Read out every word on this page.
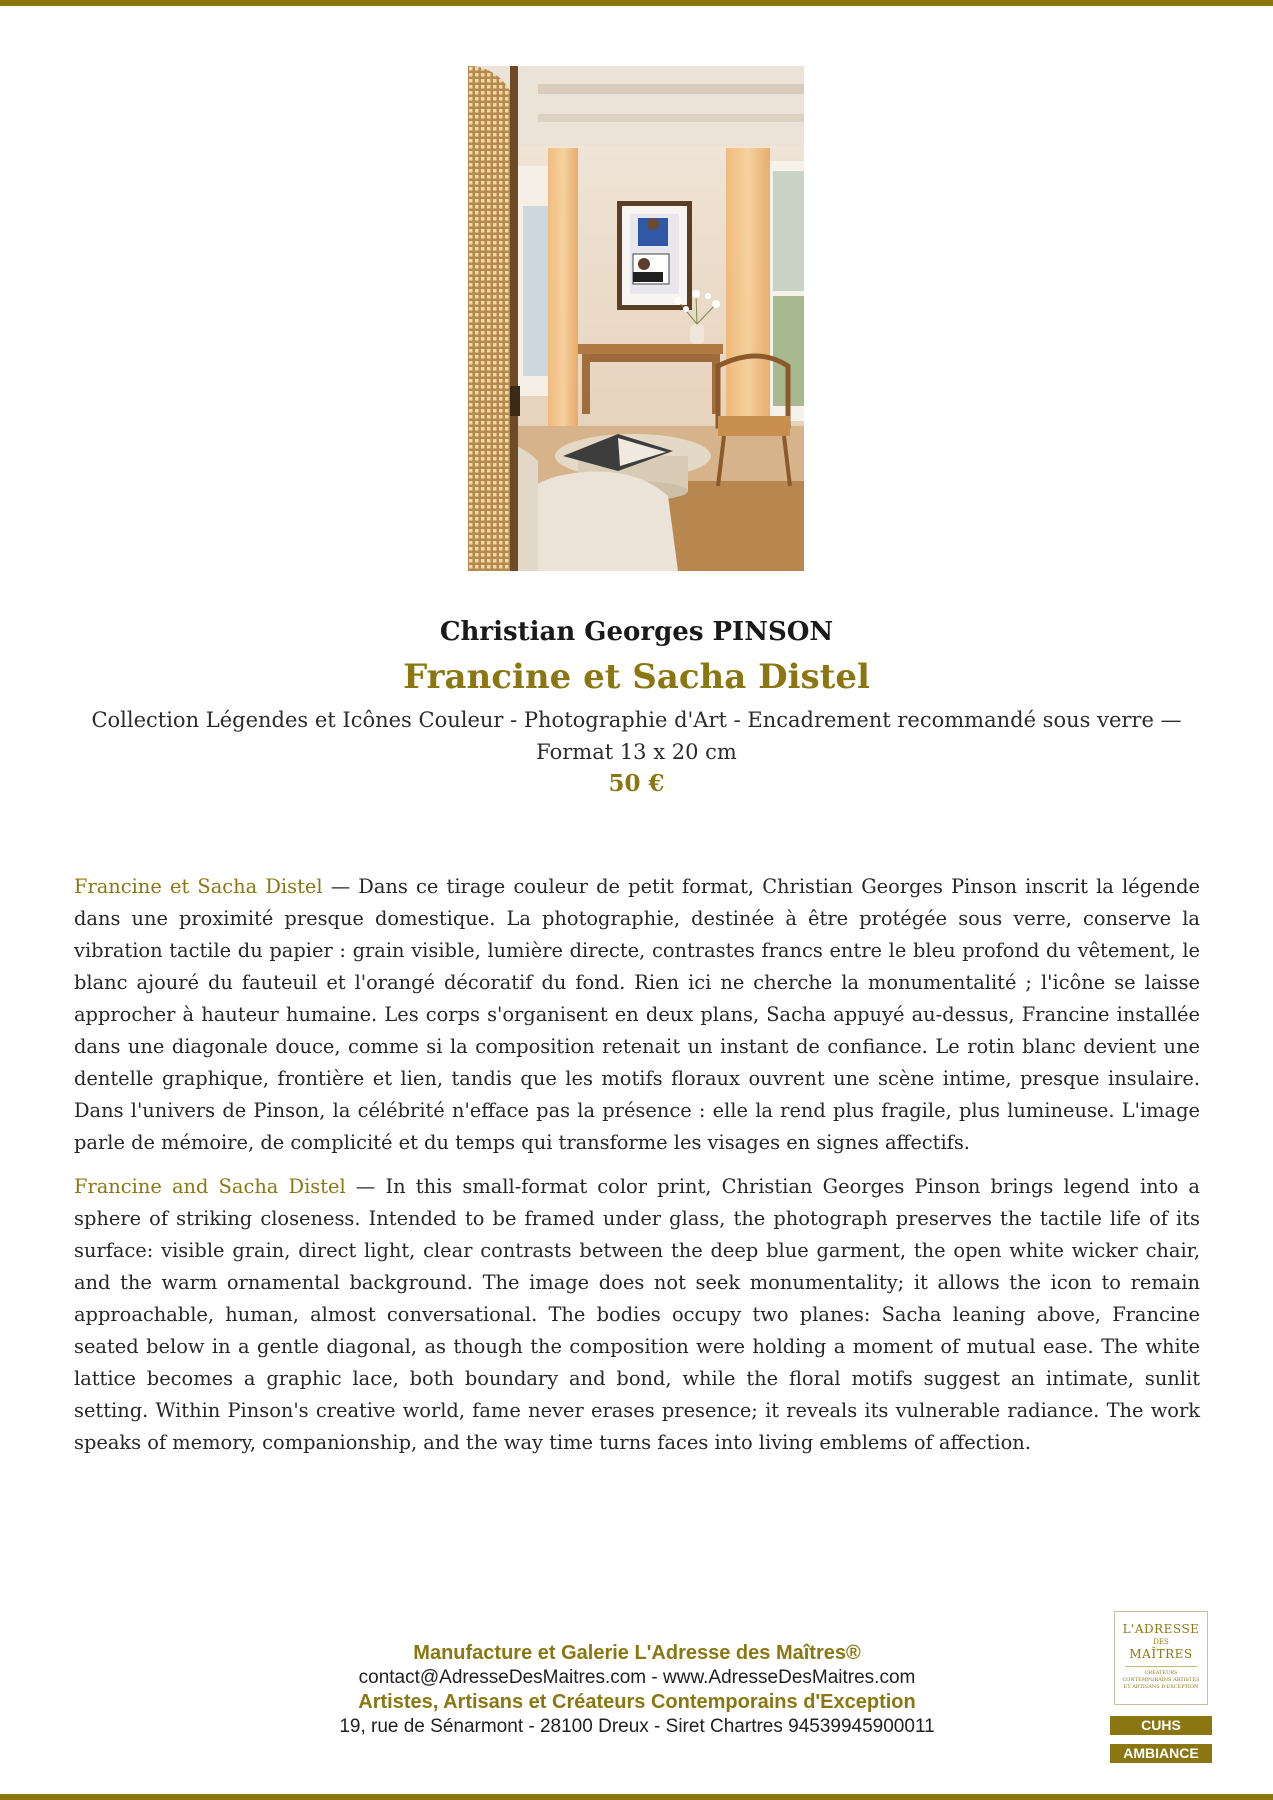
Christian Georges PINSON
Francine et Sacha Distel
Collection Légendes et Icônes Couleur - Photographie d'Art - Encadrement recommandé sous verre — Format 13 x 20 cm
50 €

Francine et Sacha Distel — Dans ce tirage couleur de petit format, Christian Georges Pinson inscrit la légende dans une proximité presque domestique. La photographie, destinée à être protégée sous verre, conserve la vibration tactile du papier : grain visible, lumière directe, contrastes francs entre le bleu profond du vêtement, le blanc ajouré du fauteuil et l'orangé décoratif du fond. Rien ici ne cherche la monumentalité ; l'icône se laisse approcher à hauteur humaine. Les corps s'organisent en deux plans, Sacha appuyé au-dessus, Francine installée dans une diagonale douce, comme si la composition retenait un instant de confiance. Le rotin blanc devient une dentelle graphique, frontière et lien, tandis que les motifs floraux ouvrent une scène intime, presque insulaire. Dans l'univers de Pinson, la célébrité n'efface pas la présence : elle la rend plus fragile, plus lumineuse. L'image parle de mémoire, de complicité et du temps qui transforme les visages en signes affectifs.

Francine and Sacha Distel — In this small-format color print, Christian Georges Pinson brings legend into a sphere of striking closeness. Intended to be framed under glass, the photograph preserves the tactile life of its surface: visible grain, direct light, clear contrasts between the deep blue garment, the open white wicker chair, and the warm ornamental background. The image does not seek monumentality; it allows the icon to remain approachable, human, almost conversational. The bodies occupy two planes: Sacha leaning above, Francine seated below in a gentle diagonal, as though the composition were holding a moment of mutual ease. The white lattice becomes a graphic lace, both boundary and bond, while the floral motifs suggest an intimate, sunlit setting. Within Pinson's creative world, fame never erases presence; it reveals its vulnerable radiance. The work speaks of memory, companionship, and the way time turns faces into living emblems of affection.

Manufacture et Galerie L'Adresse des Maîtres®
contact@AdresseDesMaitres.com - www.AdresseDesMaitres.com
Artistes, Artisans et Créateurs Contemporains d'Exception
19, rue de Sénarmont - 28100 Dreux - Siret Chartres 94539945900011
L'ADRESSE
DES
MAÎTRES
CRÉATEURS CONTEMPORAINS ARTISTES ET ARTISANS D'EXCEPTION
CUHS
AMBIANCE
